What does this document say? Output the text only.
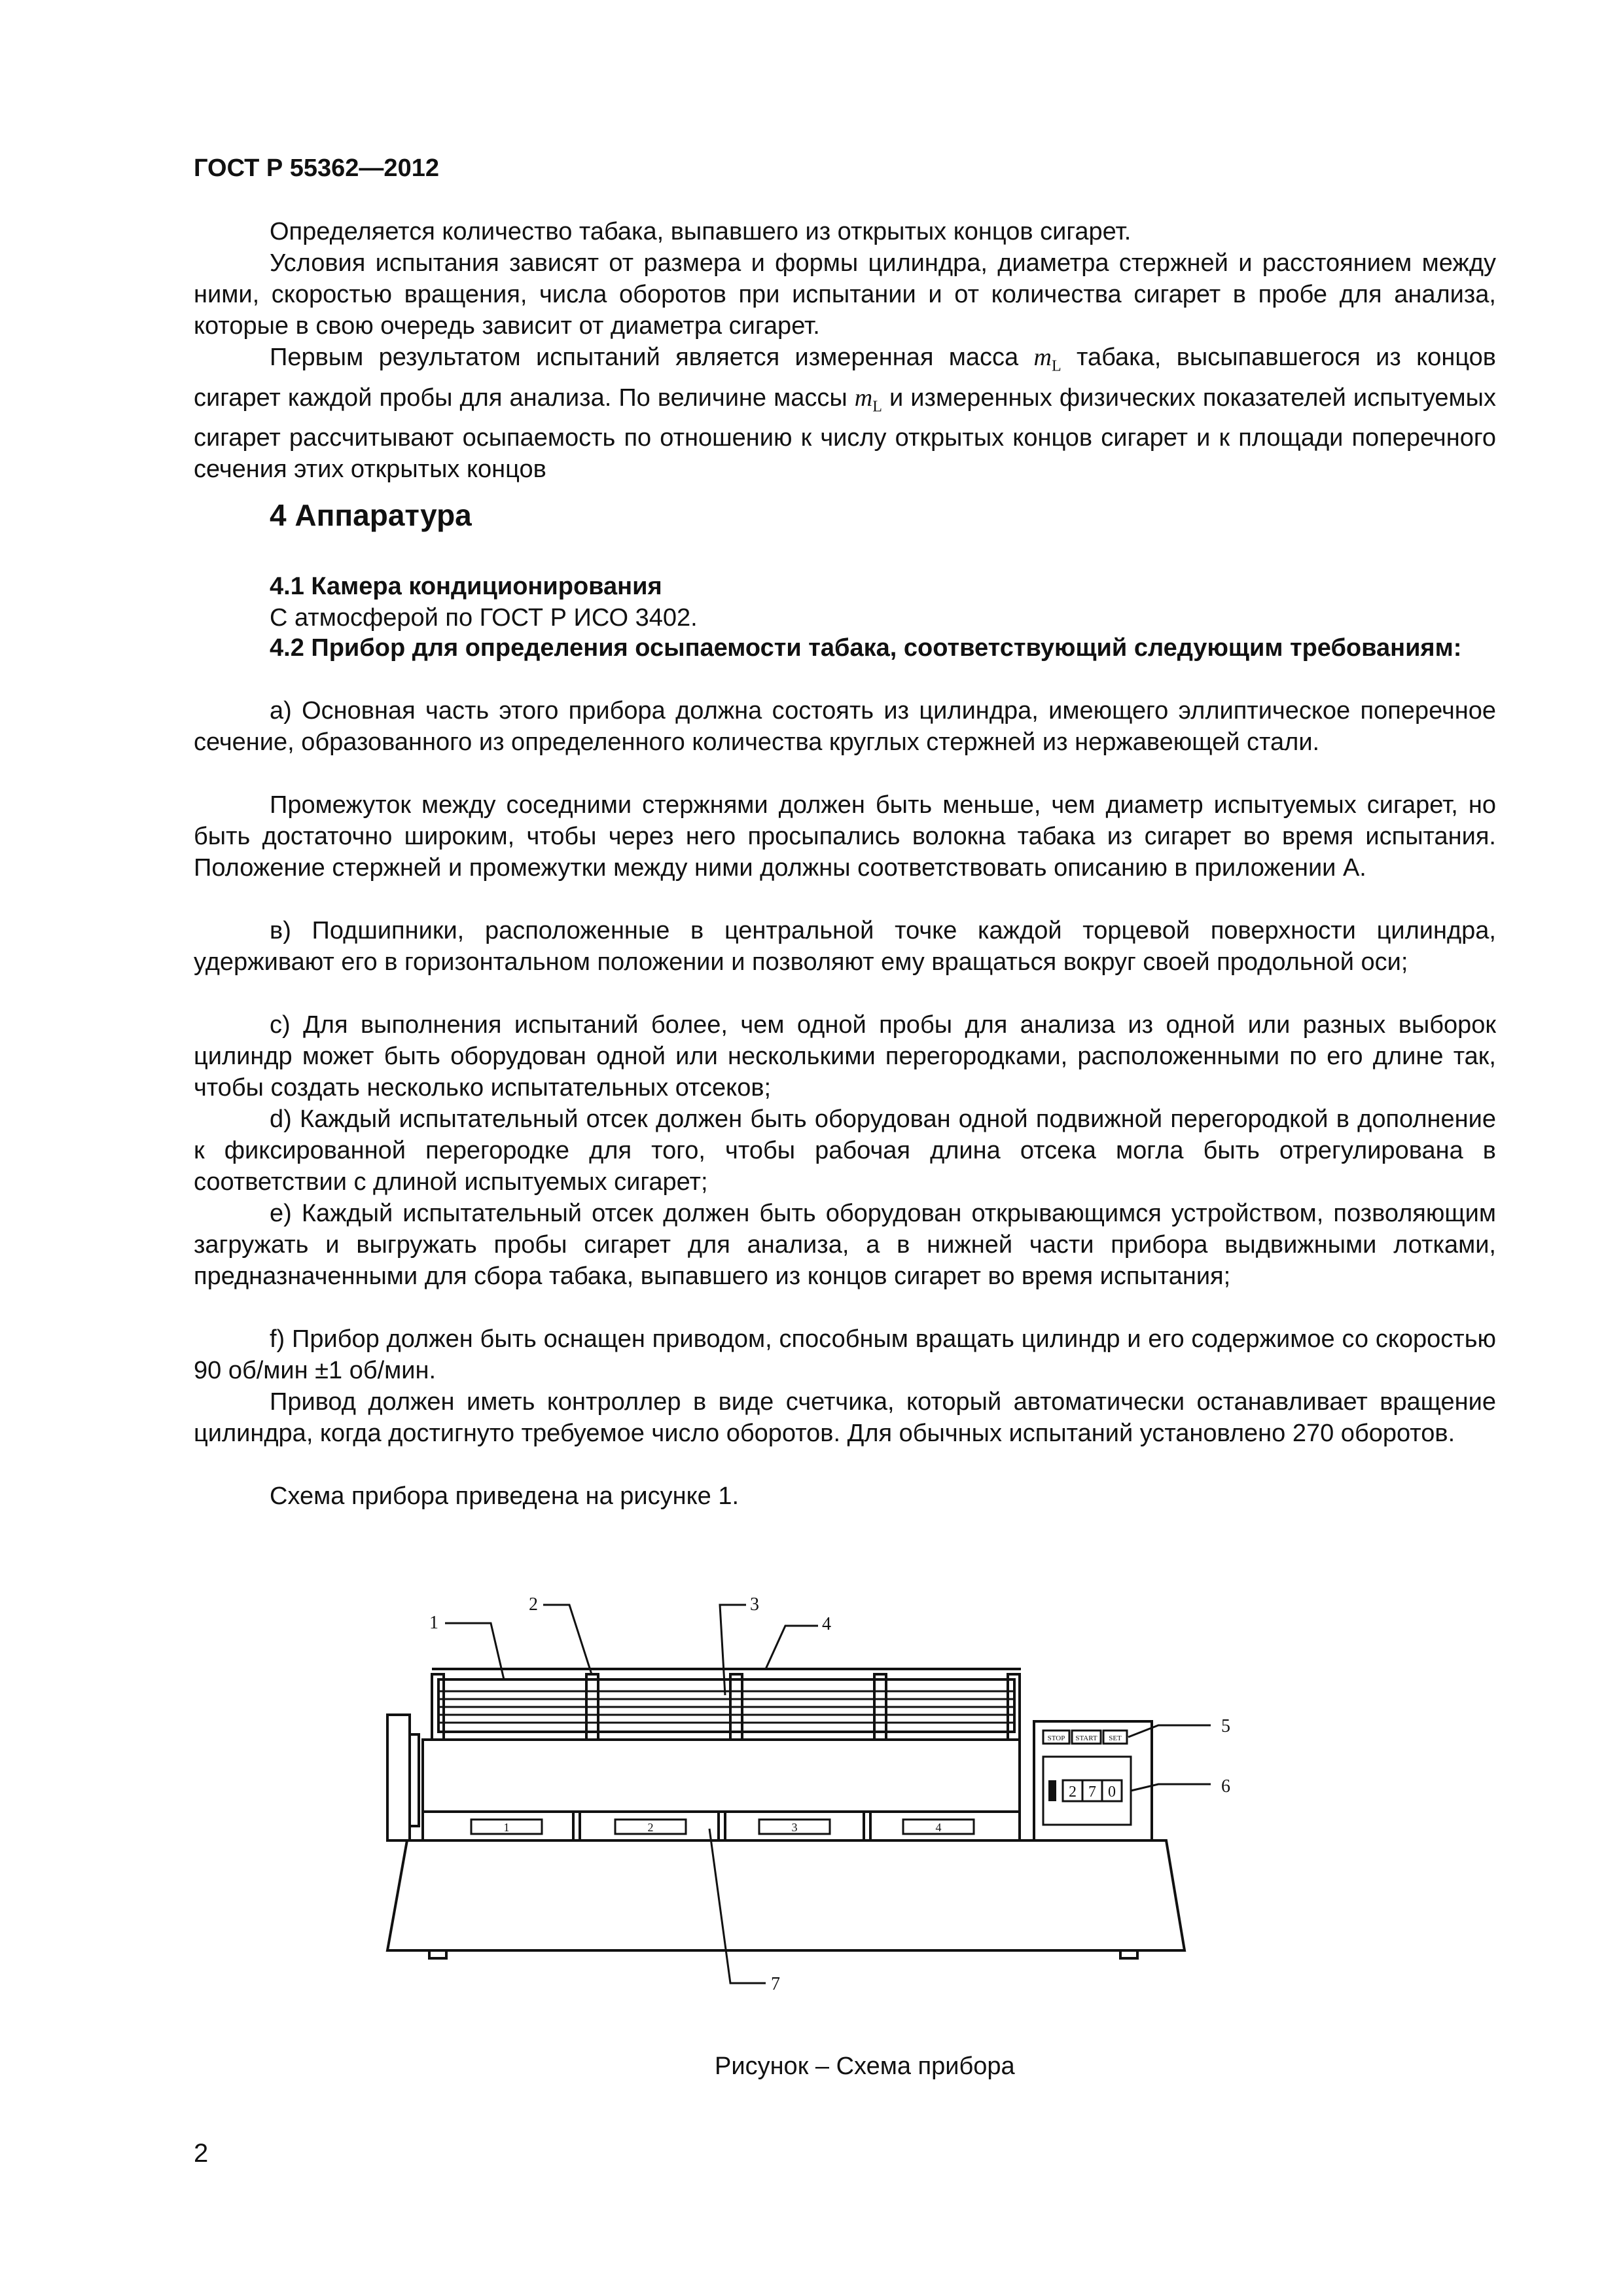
ГОСТ Р 55362—2012

Определяется количество табака, выпавшего из открытых концов сигарет.

Условия испытания зависят от размера и формы цилиндра, диаметра стержней и расстоянием между ними, скоростью вращения, числа оборотов при испытании и от количества сигарет в пробе для анализа, которые в свою очередь зависит от диаметра сигарет.

Первым результатом испытаний является измеренная масса $m_L$ табака, высыпавшегося из концов сигарет каждой пробы для анализа. По величине массы $m_L$ и измеренных физических показателей испытуемых сигарет рассчитывают осыпаемость по отношению к числу открытых концов сигарет и к площади поперечного сечения этих открытых концов

4 Аппаратура

4.1 Камера кондиционирования

С атмосферой по ГОСТ Р ИСО 3402.

4.2 Прибор для определения осыпаемости табака, соответствующий следующим требованиям:

a) Основная часть этого прибора должна состоять из цилиндра, имеющего эллиптическое поперечное сечение, образованного из определенного количества круглых стержней из нержавеющей стали.

Промежуток между соседними стержнями должен быть меньше, чем диаметр испытуемых сигарет, но быть достаточно широким, чтобы через него просыпались волокна табака из сигарет во время испытания. Положение стержней и промежутки между ними должны соответствовать описанию в приложении А.

в) Подшипники, расположенные в центральной точке каждой торцевой поверхности цилиндра, удерживают его в горизонтальном положении и позволяют ему вращаться вокруг своей продольной оси;

c) Для выполнения испытаний более, чем одной пробы для анализа из одной или разных выборок цилиндр может быть оборудован одной или несколькими перегородками, расположенными по его длине так, чтобы создать несколько испытательных отсеков;

d) Каждый испытательный отсек должен быть оборудован одной подвижной перегородкой в дополнение к фиксированной перегородке для того, чтобы рабочая длина отсека могла быть отрегулирована в соответствии с длиной испытуемых сигарет;

e) Каждый испытательный отсек должен быть оборудован открывающимся устройством, позволяющим загружать и выгружать пробы сигарет для анализа, а в нижней части прибора выдвижными лотками, предназначенными для сбора табака, выпавшего из концов сигарет во время испытания;

f) Прибор должен быть оснащен приводом, способным вращать цилиндр и его содержимое со скоростью 90 об/мин ±1 об/мин.

Привод должен иметь контроллер в виде счетчика, который автоматически останавливает вращение цилиндра, когда достигнуто требуемое число оборотов. Для обычных испытаний установлено 270 оборотов.

Схема прибора приведена на рисунке 1.

1	2	3	4
STOP START SET
2 7 0
1
2	3
4
5
6
7
Рисунок – Схема прибора
2
